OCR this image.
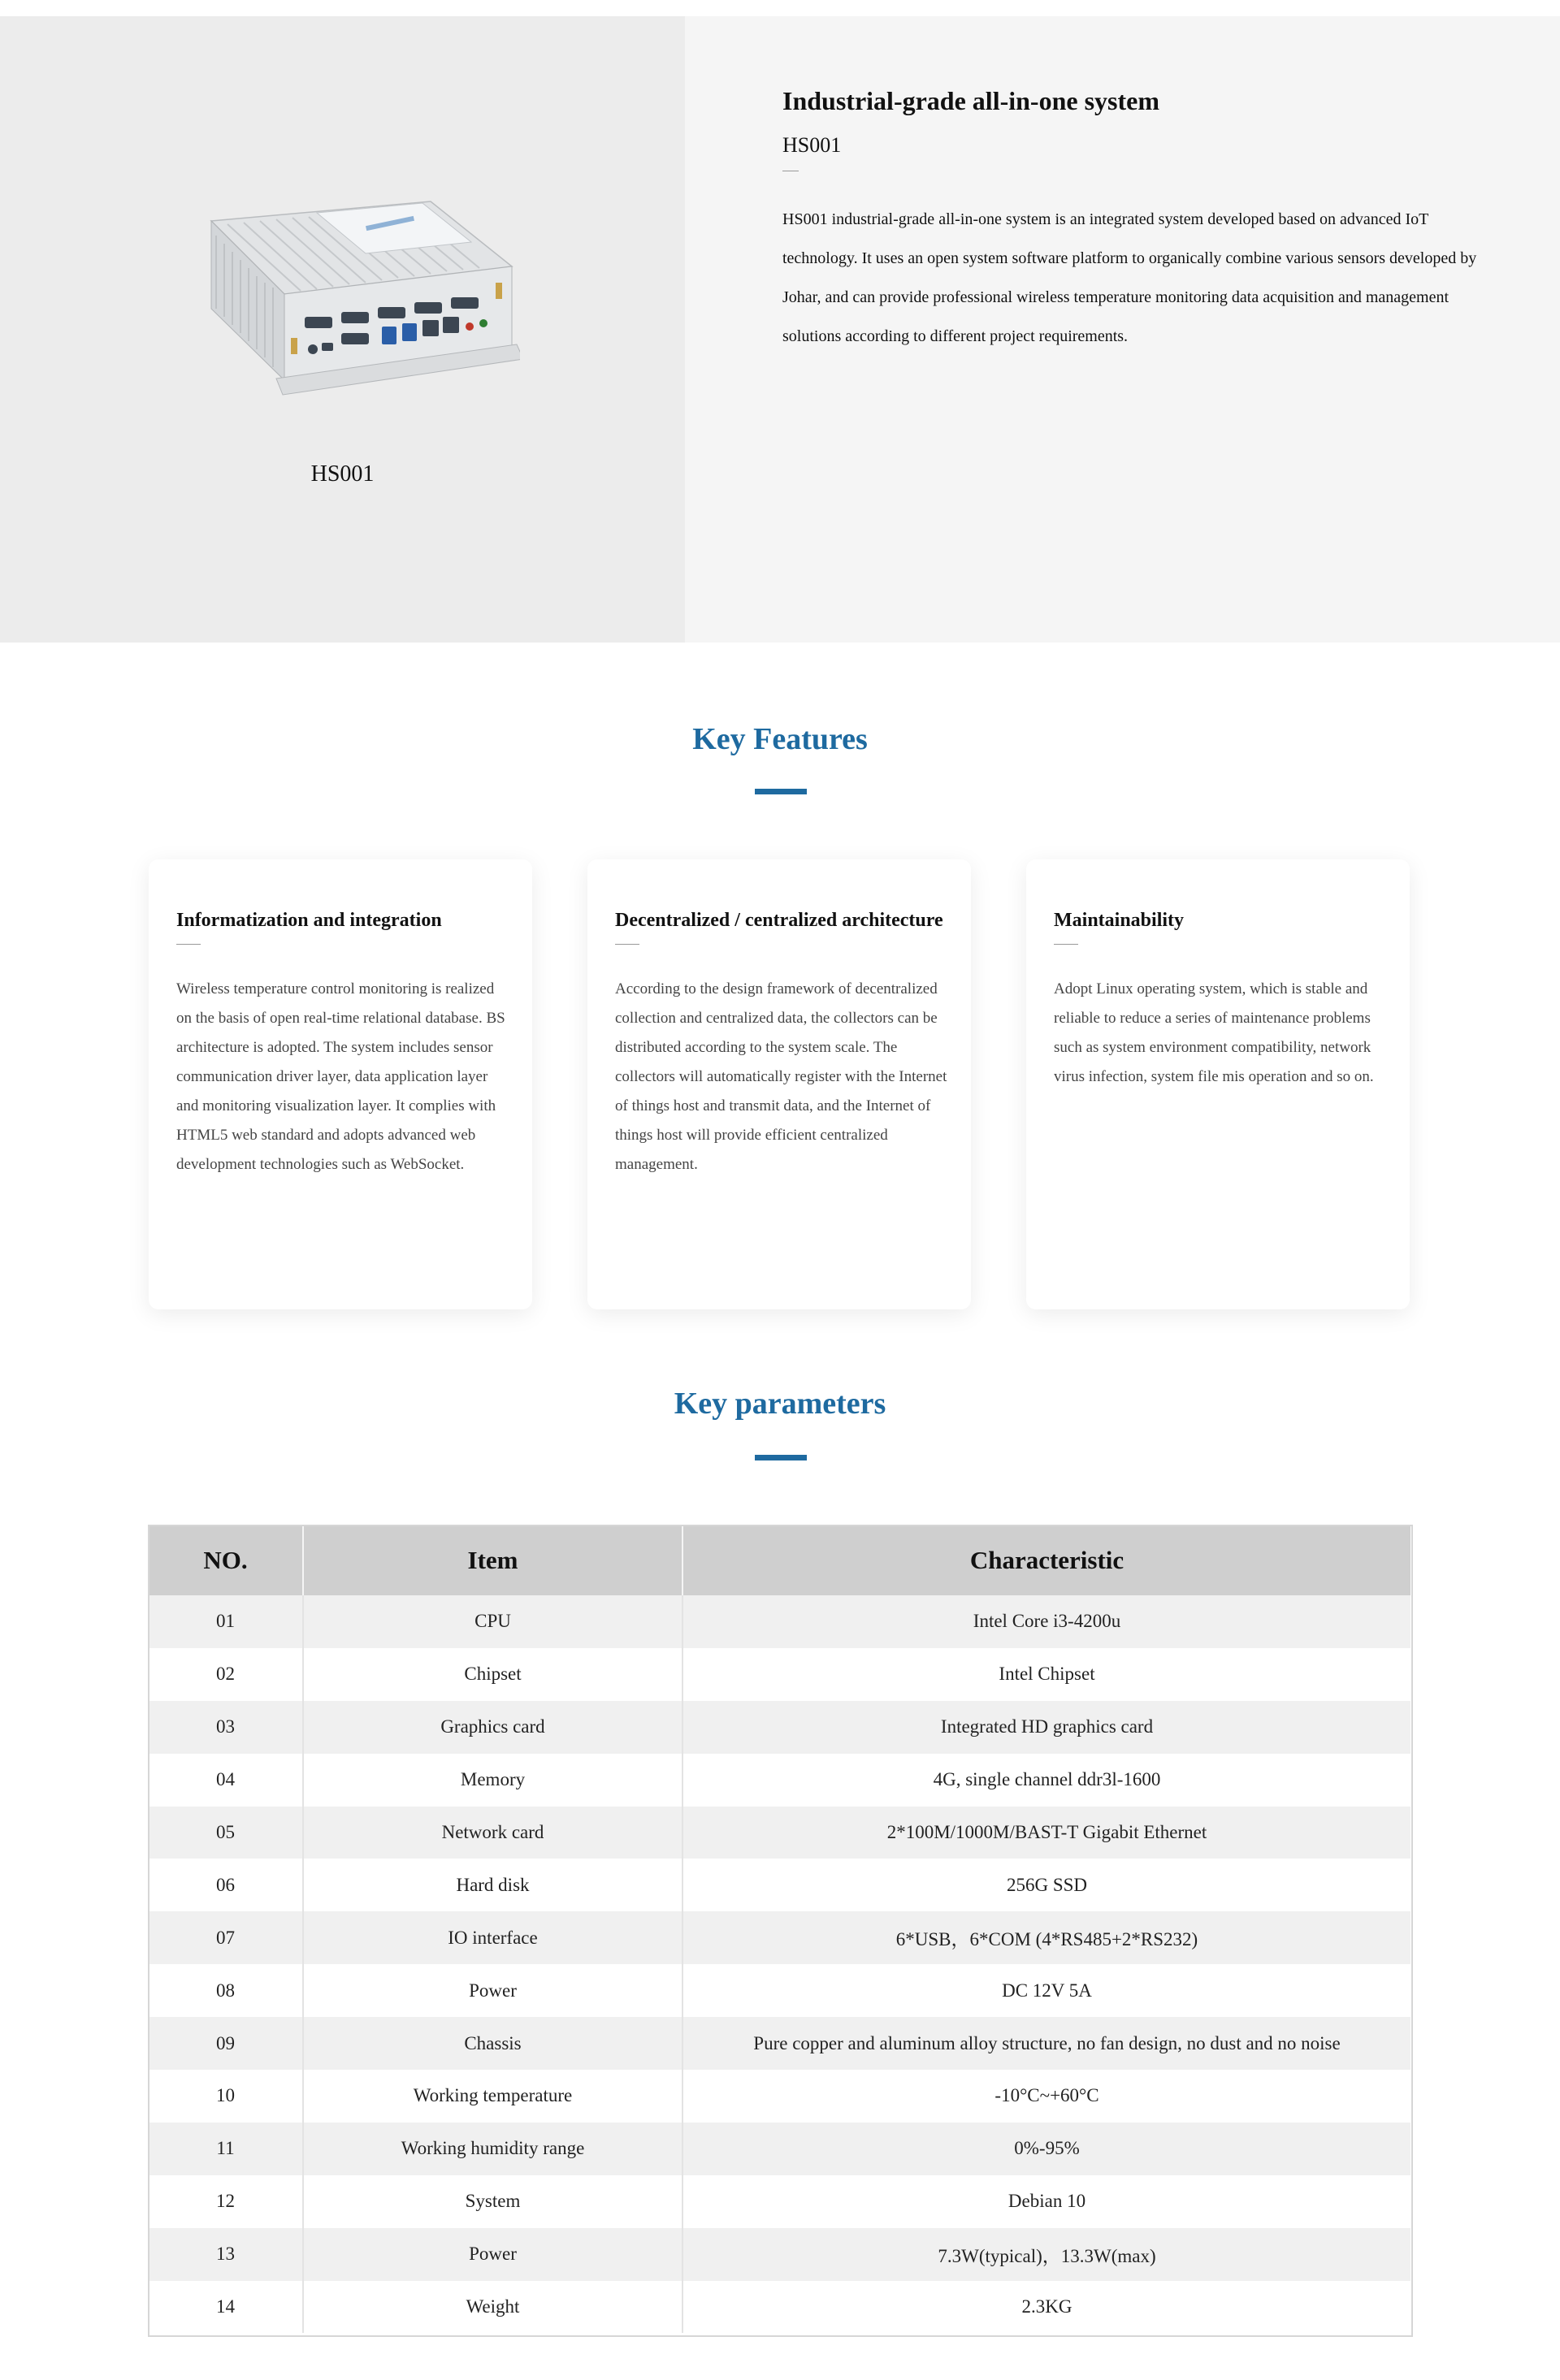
HS001
Industrial-grade all-in-one system
HS001

HS001 industrial-grade all-in-one system is an integrated system developed based on advanced IoT technology. It uses an open system software platform to organically combine various sensors developed by Johar, and can provide professional wireless temperature monitoring data acquisition and management solutions according to different project requirements.

Key Features
Informatization and integration

Wireless temperature control monitoring is realized on the basis of open real-time relational database. BS architecture is adopted. The system includes sensor communication driver layer, data application layer and monitoring visualization layer. It complies with HTML5 web standard and adopts advanced web development technologies such as WebSocket.

Decentralized / centralized architecture

According to the design framework of decentralized collection and centralized data, the collectors can be distributed according to the system scale. The collectors will automatically register with the Internet of things host and transmit data, and the Internet of things host will provide efficient centralized management.

Maintainability

Adopt Linux operating system, which is stable and reliable to reduce a series of maintenance problems such as system environment compatibility, network virus infection, system file mis operation and so on.

Key parameters
NO.	Item	Characteristic
01	CPU	Intel Core i3-4200u
02	Chipset	Intel Chipset
03	Graphics card	Integrated HD graphics card
04	Memory	4G, single channel ddr3l-1600
05	Network card	2*100M/1000M/BAST-T Gigabit Ethernet
06	Hard disk	256G SSD
07	IO interface	6*USB，6*COM (4*RS485+2*RS232)
08	Power	DC 12V 5A
09	Chassis	Pure copper and aluminum alloy structure, no fan design, no dust and no noise
10	Working temperature	-10°C~+60°C
11	Working humidity range	0%-95%
12	System	Debian 10
13	Power	7.3W(typical)，13.3W(max)
14	Weight	2.3KG
